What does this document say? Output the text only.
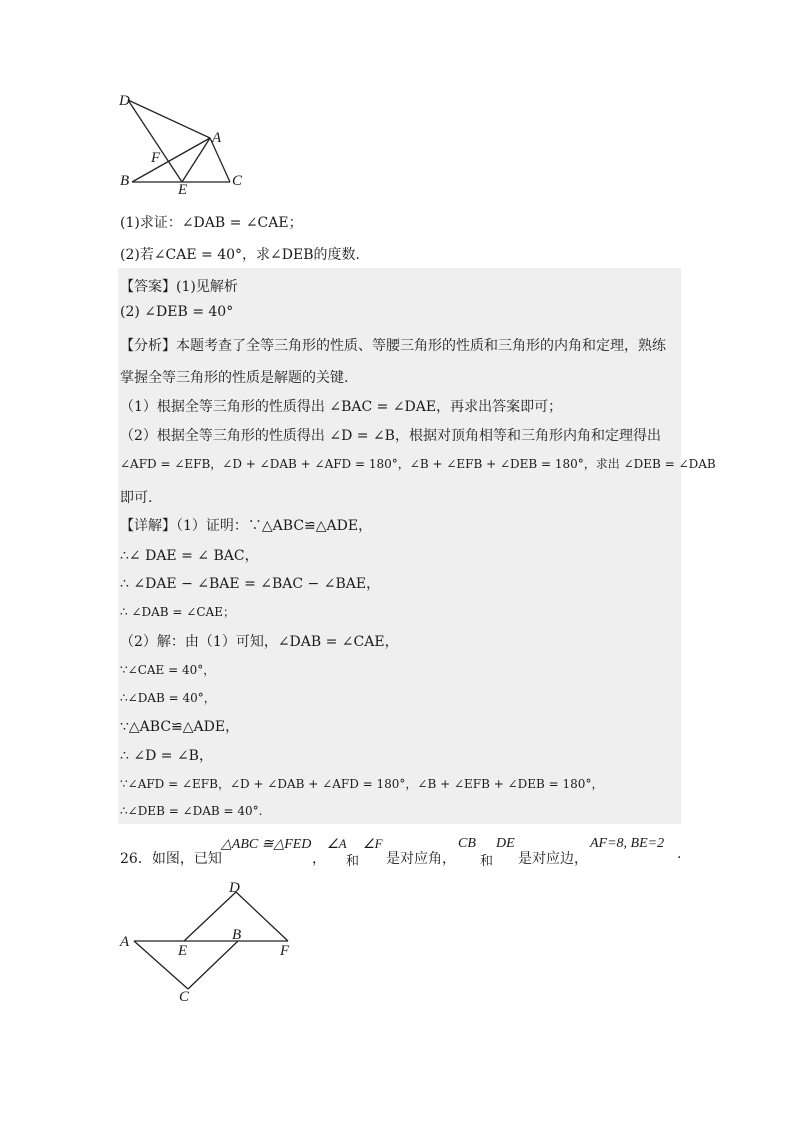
D
A
F
B
E
C
(1)求证：∠DAB = ∠CAE；
(2)若∠CAE = 40°，求∠DEB的度数.
【答案】(1)见解析
(2) ∠DEB = 40°
【分析】本题考查了全等三角形的性质、等腰三角形的性质和三角形的内角和定理，熟练
掌握全等三角形的性质是解题的关键.
（1）根据全等三角形的性质得出 ∠BAC = ∠DAE，再求出答案即可；
（2）根据全等三角形的性质得出 ∠D = ∠B，根据对顶角相等和三角形内角和定理得出
∠AFD = ∠EFB，∠D + ∠DAB + ∠AFD = 180°，∠B + ∠EFB + ∠DEB = 180°，求出 ∠DEB = ∠DAB
即可.
【详解】（1）证明：∵△ABC≌△ADE，
∴∠ DAE = ∠ BAC，
∴ ∠DAE − ∠BAE = ∠BAC − ∠BAE，
∴ ∠DAB = ∠CAE；
（2）解：由（1）可知，∠DAB = ∠CAE，
∵∠CAE = 40°，
∴∠DAB = 40°，
∵△ABC≌△ADE，
∴ ∠D = ∠B，
∵∠AFD = ∠EFB，∠D + ∠DAB + ∠AFD = 180°，∠B + ∠EFB + ∠DEB = 180°，
∴∠DEB = ∠DAB = 40°.
26．如图，已知
△ABC ≅△FED
，
∠A
和
∠F
是对应角，
CB
和
DE
是对应边，
AF=8, BE=2
.
D
A
E
B
F
C
